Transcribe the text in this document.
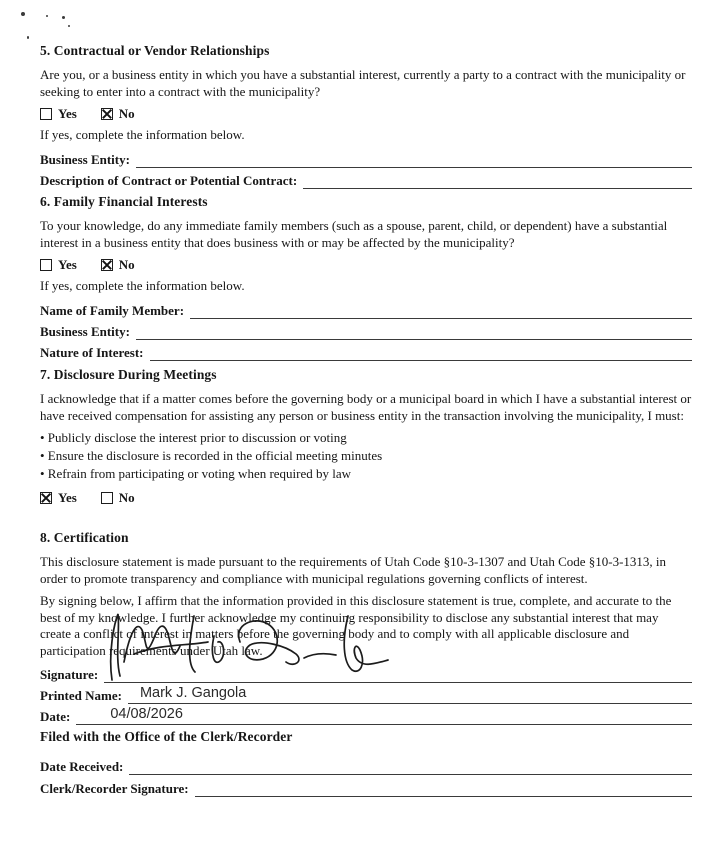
5. Contractual or Vendor Relationships
Are you, or a business entity in which you have a substantial interest, currently a party to a contract with the municipality or seeking to enter into a contract with the municipality?
Yes	No
If yes, complete the information below.
Business Entity:
Description of Contract or Potential Contract:
6. Family Financial Interests
To your knowledge, do any immediate family members (such as a spouse, parent, child, or dependent) have a substantial interest in a business entity that does business with or may be affected by the municipality?
Yes	No
If yes, complete the information below.
Name of Family Member:
Business Entity:
Nature of Interest:
7. Disclosure During Meetings
I acknowledge that if a matter comes before the governing body or a municipal board in which I have a substantial interest or have received compensation for assisting any person or business entity in the transaction involving the municipality, I must:
• Publicly disclose the interest prior to discussion or voting
• Ensure the disclosure is recorded in the official meeting minutes
• Refrain from participating or voting when required by law
Yes	No
8. Certification
This disclosure statement is made pursuant to the requirements of Utah Code §10-3-1307 and Utah Code §10-3-1313, in order to promote transparency and compliance with municipal regulations governing conflicts of interest.
By signing below, I affirm that the information provided in this disclosure statement is true, complete, and accurate to the best of my knowledge. I further acknowledge my continuing responsibility to disclose any substantial interest that may create a conflict of interest in matters before the governing body and to comply with all applicable disclosure and participation requirements under Utah law.
Signature:
Printed Name:	Mark J. Gangola
Date:	04/08/2026
Filed with the Office of the Clerk/Recorder
Date Received:
Clerk/Recorder Signature:
